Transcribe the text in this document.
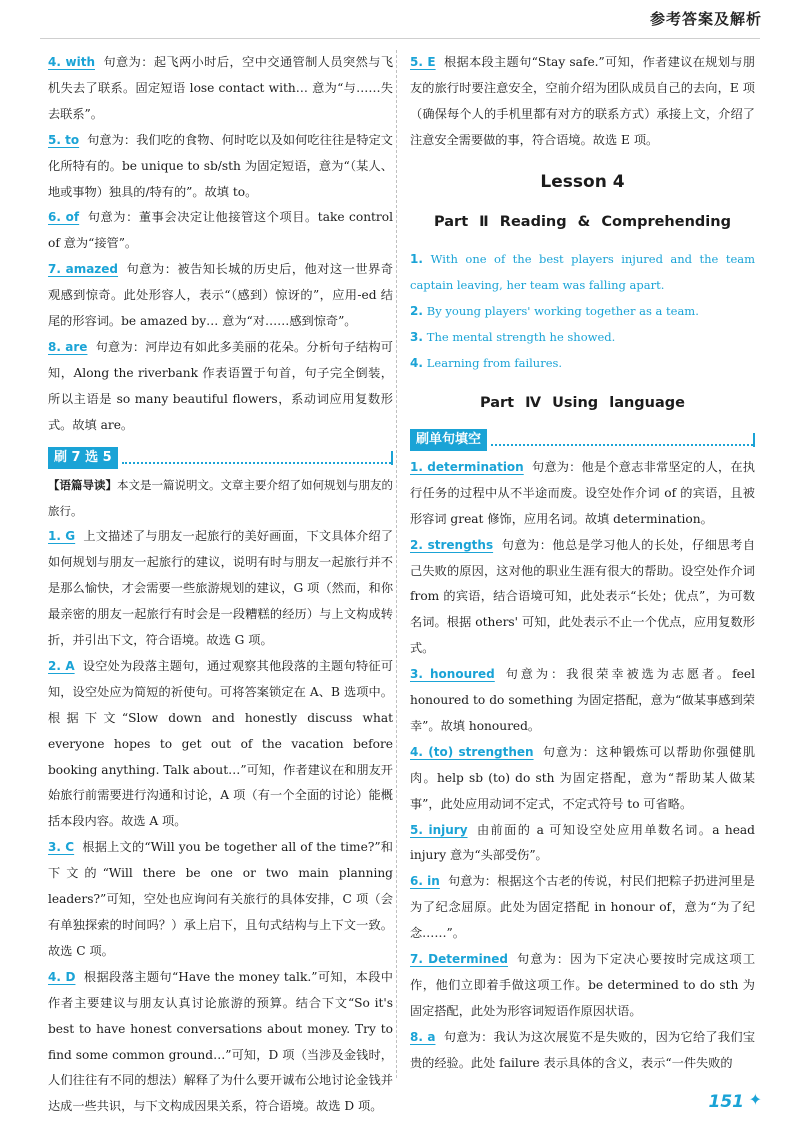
参考答案及解析
4. with 句意为：起飞两小时后，空中交通管制人员突然与飞机失去了联系。固定短语 lose contact with… 意为“与……失去联系”。
5. to 句意为：我们吃的食物、何时吃以及如何吃往往是特定文化所特有的。be unique to sb/sth 为固定短语，意为“（某人、地或事物）独具的/特有的”。故填 to。
6. of 句意为：董事会决定让他接管这个项目。take control of 意为“接管”。
7. amazed 句意为：被告知长城的历史后，他对这一世界奇观感到惊奇。此处形容人，表示“（感到）惊讶的”，应用-ed 结尾的形容词。be amazed by… 意为“对……感到惊奇”。
8. are 句意为：河岸边有如此多美丽的花朵。分析句子结构可知，Along the riverbank 作表语置于句首，句子完全倒装，所以主语是 so many beautiful flowers，系动词应用复数形式。故填 are。
刷 7 选 5
【语篇导读】本文是一篇说明文。文章主要介绍了如何规划与朋友的旅行。
1. G 上文描述了与朋友一起旅行的美好画面，下文具体介绍了如何规划与朋友一起旅行的建议，说明有时与朋友一起旅行并不是那么愉快，才会需要一些旅游规划的建议，G 项（然而，和你最亲密的朋友一起旅行有时会是一段糟糕的经历）与上文构成转折，并引出下文，符合语境。故选 G 项。
2. A 设空处为段落主题句，通过观察其他段落的主题句特征可知，设空处应为简短的祈使句。可将答案锁定在 A、B 选项中。根据下文“Slow down and honestly discuss what everyone hopes to get out of the vacation before booking anything. Talk about…”可知，作者建议在和朋友开始旅行前需要进行沟通和讨论，A 项（有一个全面的讨论）能概括本段内容。故选 A 项。
3. C 根据上文的“Will you be together all of the time?”和下文的“Will there be one or two main planning leaders?”可知，空处也应询问有关旅行的具体安排，C 项（会有单独探索的时间吗？）承上启下，且句式结构与上下文一致。故选 C 项。
4. D 根据段落主题句“Have the money talk.”可知，本段中作者主要建议与朋友认真讨论旅游的预算。结合下文“So it's best to have honest conversations about money. Try to find some common ground…”可知，D 项（当涉及金钱时，人们往往有不同的想法）解释了为什么要开诚布公地讨论金钱并达成一些共识，与下文构成因果关系，符合语境。故选 D 项。
5. E 根据本段主题句“Stay safe.”可知，作者建议在规划与朋友的旅行时要注意安全，空前介绍为团队成员自己的去向，E 项（确保每个人的手机里都有对方的联系方式）承接上文，介绍了注意安全需要做的事，符合语境。故选 E 项。
Lesson 4
Part Ⅱ Reading & Comprehending
1. With one of the best players injured and the team captain leaving, her team was falling apart.
2. By young players' working together as a team.
3. The mental strength he showed.
4. Learning from failures.
Part Ⅳ Using language
刷单句填空
1. determination 句意为：他是个意志非常坚定的人，在执行任务的过程中从不半途而废。设空处作介词 of 的宾语，且被形容词 great 修饰，应用名词。故填 determination。
2. strengths 句意为：他总是学习他人的长处，仔细思考自己失败的原因，这对他的职业生涯有很大的帮助。设空处作介词 from 的宾语，结合语境可知，此处表示“长处；优点”，为可数名词。根据 others' 可知，此处表示不止一个优点，应用复数形式。
3. honoured 句意为：我很荣幸被选为志愿者。feel honoured to do something 为固定搭配，意为“做某事感到荣幸”。故填 honoured。
4. (to) strengthen 句意为：这种锻炼可以帮助你强健肌肉。help sb (to) do sth 为固定搭配，意为“帮助某人做某事”，此处应用动词不定式，不定式符号 to 可省略。
5. injury 由前面的 a 可知设空处应用单数名词。a head injury 意为“头部受伤”。
6. in 句意为：根据这个古老的传说，村民们把粽子扔进河里是为了纪念屈原。此处为固定搭配 in honour of，意为“为了纪念……”。
7. Determined 句意为：因为下定决心要按时完成这项工作，他们立即着手做这项工作。be determined to do sth 为固定搭配，此处为形容词短语作原因状语。
8. a 句意为：我认为这次展览不是失败的，因为它给了我们宝贵的经验。此处 failure 表示具体的含义，表示“一件失败的
151 ✦
